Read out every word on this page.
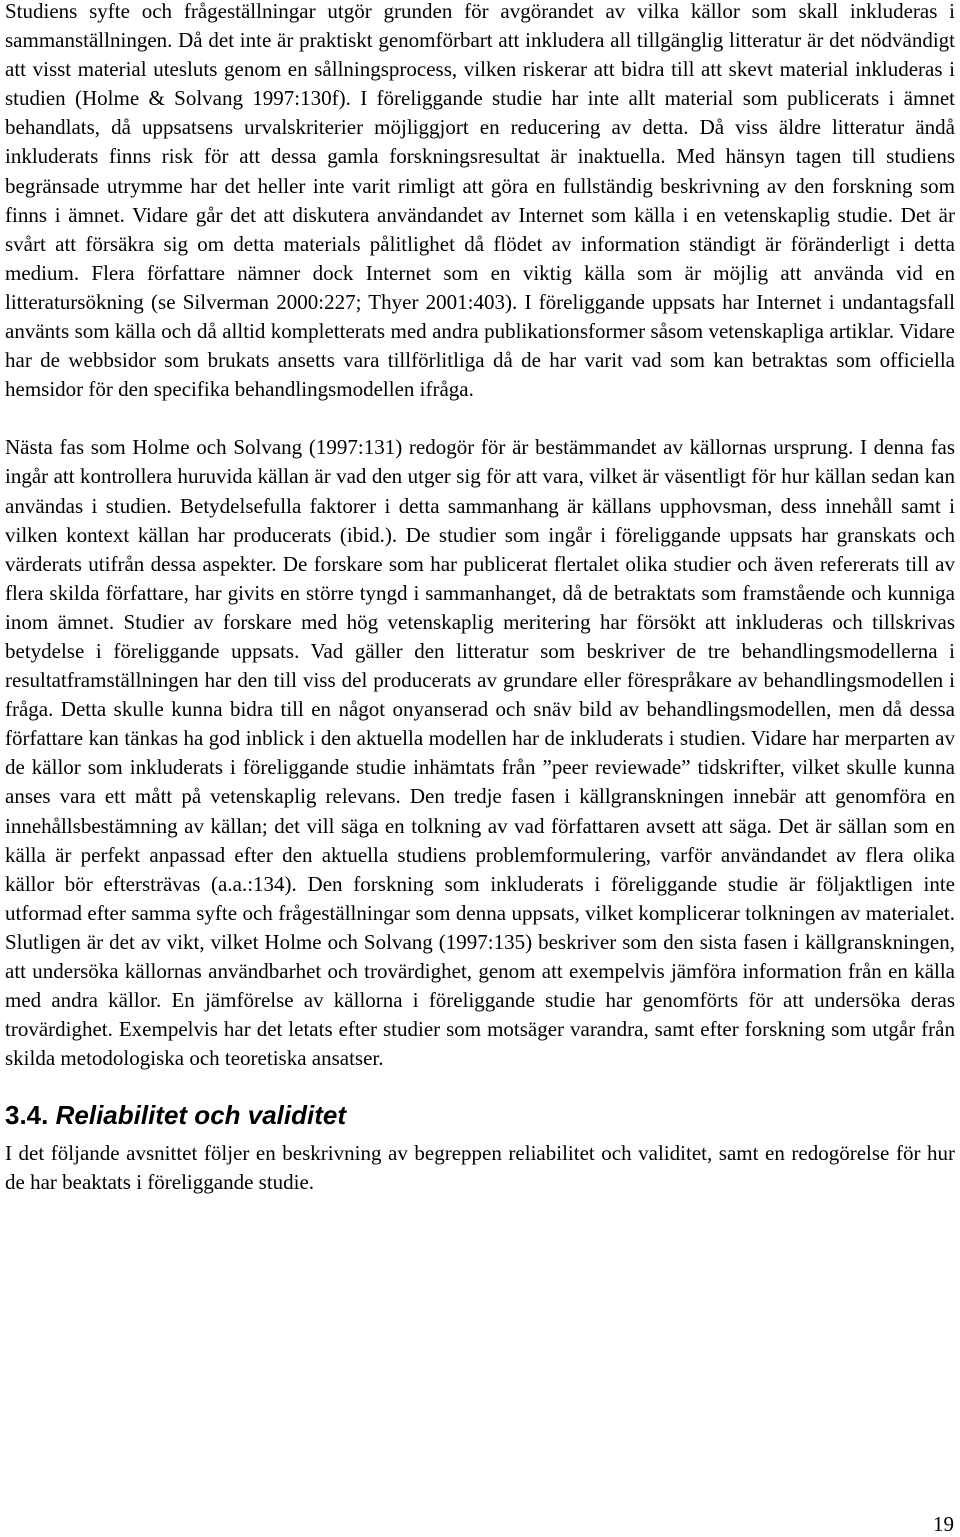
Studiens syfte och frågeställningar utgör grunden för avgörandet av vilka källor som skall inkluderas i sammanställningen. Då det inte är praktiskt genomförbart att inkludera all tillgänglig litteratur är det nödvändigt att visst material utesluts genom en sållningsprocess, vilken riskerar att bidra till att skevt material inkluderas i studien (Holme & Solvang 1997:130f). I föreliggande studie har inte allt material som publicerats i ämnet behandlats, då uppsatsens urvalskriterier möjliggjort en reducering av detta. Då viss äldre litteratur ändå inkluderats finns risk för att dessa gamla forskningsresultat är inaktuella. Med hänsyn tagen till studiens begränsade utrymme har det heller inte varit rimligt att göra en fullständig beskrivning av den forskning som finns i ämnet. Vidare går det att diskutera användandet av Internet som källa i en vetenskaplig studie. Det är svårt att försäkra sig om detta materials pålitlighet då flödet av information ständigt är föränderligt i detta medium. Flera författare nämner dock Internet som en viktig källa som är möjlig att använda vid en litteratursökning (se Silverman 2000:227; Thyer 2001:403). I föreliggande uppsats har Internet i undantagsfall använts som källa och då alltid kompletterats med andra publikationsformer såsom vetenskapliga artiklar. Vidare har de webbsidor som brukats ansetts vara tillförlitliga då de har varit vad som kan betraktas som officiella hemsidor för den specifika behandlingsmodellen ifråga.

Nästa fas som Holme och Solvang (1997:131) redogör för är bestämmandet av källornas ursprung. I denna fas ingår att kontrollera huruvida källan är vad den utger sig för att vara, vilket är väsentligt för hur källan sedan kan användas i studien. Betydelsefulla faktorer i detta sammanhang är källans upphovsman, dess innehåll samt i vilken kontext källan har producerats (ibid.). De studier som ingår i föreliggande uppsats har granskats och värderats utifrån dessa aspekter. De forskare som har publicerat flertalet olika studier och även refererats till av flera skilda författare, har givits en större tyngd i sammanhanget, då de betraktats som framstående och kunniga inom ämnet. Studier av forskare med hög vetenskaplig meritering har försökt att inkluderas och tillskrivas betydelse i föreliggande uppsats. Vad gäller den litteratur som beskriver de tre behandlingsmodellerna i resultatframställningen har den till viss del producerats av grundare eller förespråkare av behandlingsmodellen i fråga. Detta skulle kunna bidra till en något onyanserad och snäv bild av behandlingsmodellen, men då dessa författare kan tänkas ha god inblick i den aktuella modellen har de inkluderats i studien. Vidare har merparten av de källor som inkluderats i föreliggande studie inhämtats från ”peer reviewade” tidskrifter, vilket skulle kunna anses vara ett mått på vetenskaplig relevans. Den tredje fasen i källgranskningen innebär att genomföra en innehållsbestämning av källan; det vill säga en tolkning av vad författaren avsett att säga. Det är sällan som en källa är perfekt anpassad efter den aktuella studiens problemformulering, varför användandet av flera olika källor bör eftersträvas (a.a.:134). Den forskning som inkluderats i föreliggande studie är följaktligen inte utformad efter samma syfte och frågeställningar som denna uppsats, vilket komplicerar tolkningen av materialet. Slutligen är det av vikt, vilket Holme och Solvang (1997:135) beskriver som den sista fasen i källgranskningen, att undersöka källornas användbarhet och trovärdighet, genom att exempelvis jämföra information från en källa med andra källor. En jämförelse av källorna i föreliggande studie har genomförts för att undersöka deras trovärdighet. Exempelvis har det letats efter studier som motsäger varandra, samt efter forskning som utgår från skilda metodologiska och teoretiska ansatser.

3.4. Reliabilitet och validitet

I det följande avsnittet följer en beskrivning av begreppen reliabilitet och validitet, samt en redogörelse för hur de har beaktats i föreliggande studie.

19
